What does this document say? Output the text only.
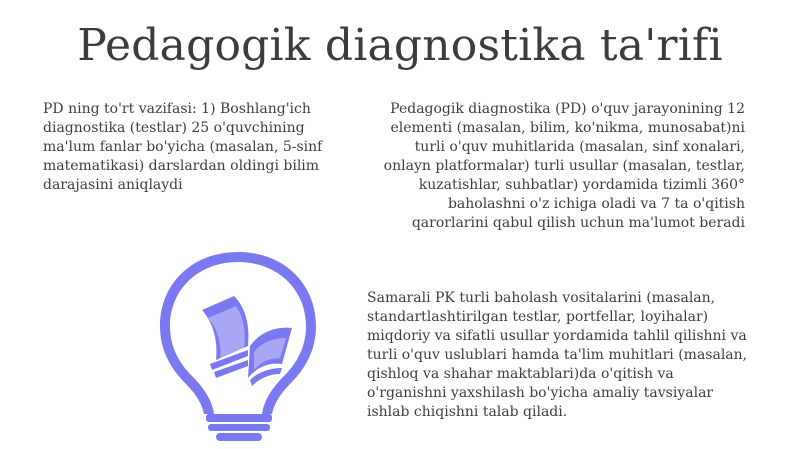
Pedagogik diagnostika ta'rifi

PD ning to'rt vazifasi: 1) Boshlang'ich diagnostika (testlar) 25 o'quvchining ma'lum fanlar bo'yicha (masalan, 5-sinf matematikasi) darslardan oldingi bilim darajasini aniqlaydi

Pedagogik diagnostika (PD) o'quv jarayonining 12 elementi (masalan, bilim, ko'nikma, munosabat)ni turli o'quv muhitlarida (masalan, sinf xonalari, onlayn platformalar) turli usullar (masalan, testlar, kuzatishlar, suhbatlar) yordamida tizimli 360° baholashni o'z ichiga oladi va 7 ta o'qitish qarorlarini qabul qilish uchun ma'lumot beradi

Samarali PK turli baholash vositalarini (masalan, standartlashtirilgan testlar, portfellar, loyihalar) miqdoriy va sifatli usullar yordamida tahlil qilishni va turli o'quv uslublari hamda ta'lim muhitlari (masalan, qishloq va shahar maktablari)da o'qitish va o'rganishni yaxshilash bo'yicha amaliy tavsiyalar ishlab chiqishni talab qiladi.
